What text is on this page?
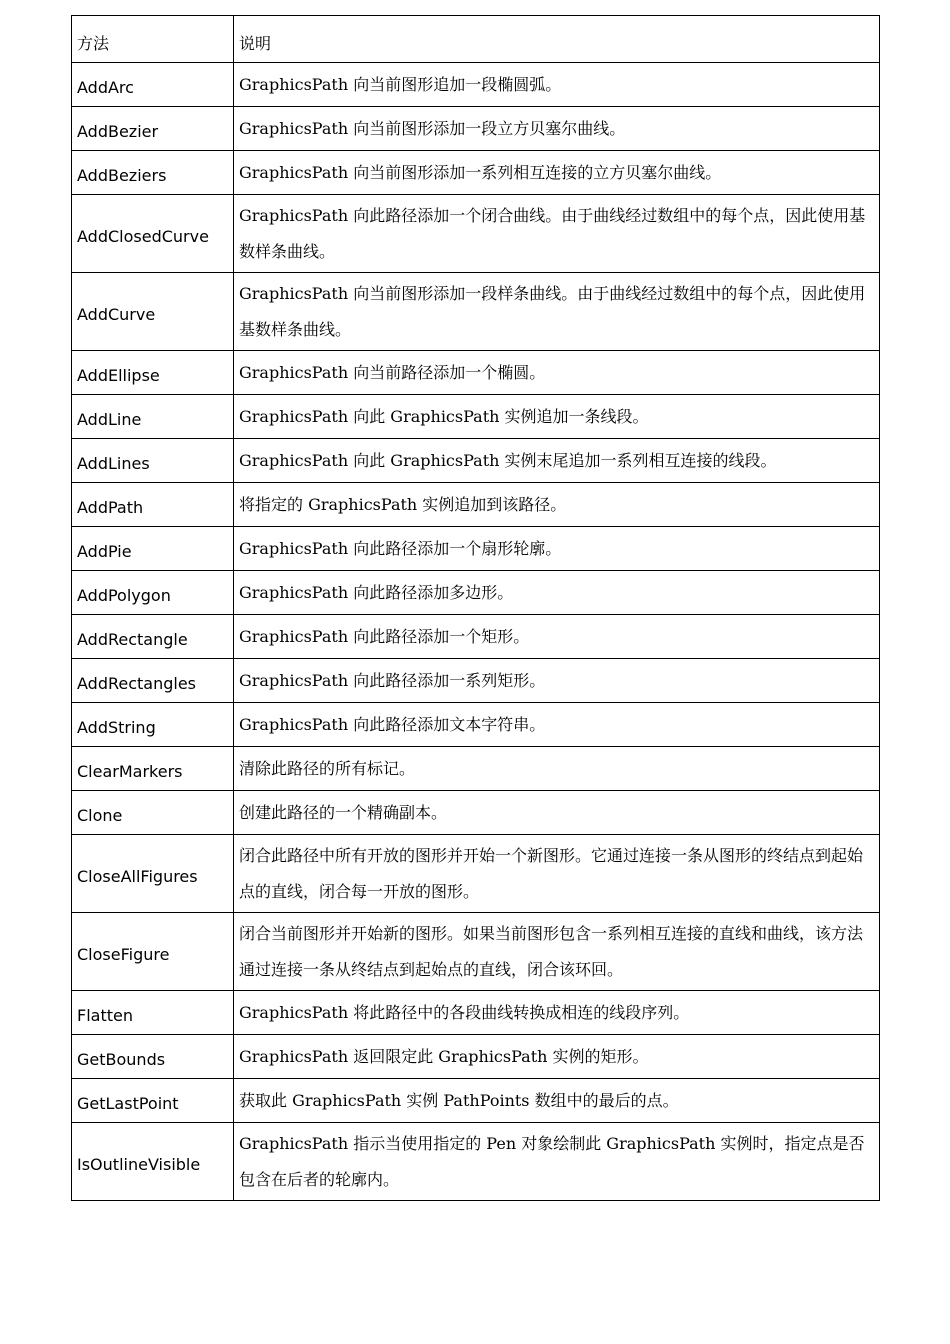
方法	说明
AddArc	GraphicsPath 向当前图形追加一段椭圆弧。
AddBezier	GraphicsPath 向当前图形添加一段立方贝塞尔曲线。
AddBeziers	GraphicsPath 向当前图形添加一系列相互连接的立方贝塞尔曲线。
AddClosedCurve	GraphicsPath 向此路径添加一个闭合曲线。由于曲线经过数组中的每个点，因此使用基数样条曲线。
AddCurve	GraphicsPath 向当前图形添加一段样条曲线。由于曲线经过数组中的每个点，因此使用基数样条曲线。
AddEllipse	GraphicsPath 向当前路径添加一个椭圆。
AddLine	GraphicsPath 向此 GraphicsPath 实例追加一条线段。
AddLines	GraphicsPath 向此 GraphicsPath 实例末尾追加一系列相互连接的线段。
AddPath	将指定的 GraphicsPath 实例追加到该路径。
AddPie	GraphicsPath 向此路径添加一个扇形轮廓。
AddPolygon	GraphicsPath 向此路径添加多边形。
AddRectangle	GraphicsPath 向此路径添加一个矩形。
AddRectangles	GraphicsPath 向此路径添加一系列矩形。
AddString	GraphicsPath 向此路径添加文本字符串。
ClearMarkers	清除此路径的所有标记。
Clone	创建此路径的一个精确副本。
CloseAllFigures	闭合此路径中所有开放的图形并开始一个新图形。它通过连接一条从图形的终结点到起始点的直线，闭合每一开放的图形。
CloseFigure	闭合当前图形并开始新的图形。如果当前图形包含一系列相互连接的直线和曲线，该方法通过连接一条从终结点到起始点的直线，闭合该环回。
Flatten	GraphicsPath 将此路径中的各段曲线转换成相连的线段序列。
GetBounds	GraphicsPath 返回限定此 GraphicsPath 实例的矩形。
GetLastPoint	获取此 GraphicsPath 实例 PathPoints 数组中的最后的点。
IsOutlineVisible	GraphicsPath 指示当使用指定的 Pen 对象绘制此 GraphicsPath 实例时，指定点是否包含在后者的轮廓内。
